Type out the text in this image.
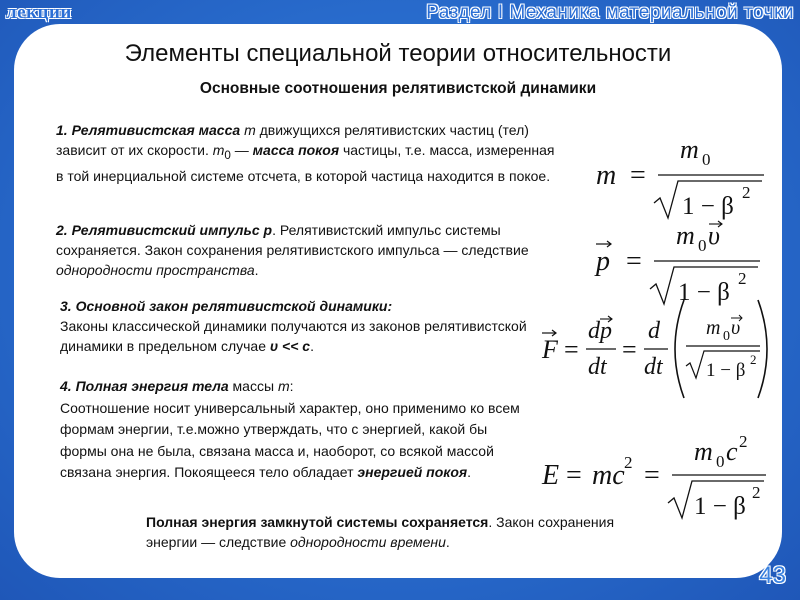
лекции	Раздел I Механика материальной точки
Элементы специальной теории относительности
Основные соотношения релятивистской динамики
1. Релятивистская масса m движущихся релятивистских частиц (тел) зависит от их скорости. $m_0$ — масса покоя частицы, т.е. масса, измеренная в той инерциальной системе отсчета, в которой частица находится в покое.
2. Релятивистский импульс p. Релятивистский импульс системы сохраняется. Закон сохранения релятивистского импульса — следствие однородности пространства.
3. Основной закон релятивистской динамики:
Законы классической динамики получаются из законов релятивистской динамики в предельном случае υ << c.
4. Полная энергия тела массы m:
Соотношение носит универсальный характер, оно применимо ко всем формам энергии, т.е.можно утверждать, что с энергией, какой бы формы она не была, связана масса и, наоборот, со всякой массой связана энергия. Покоящееся тело обладает энергией покоя.
Полная энергия замкнутой системы сохраняется. Закон сохранения энергии — следствие однородности времени.
m =
m 0
1 − β
2
p =
m 0 υ
1 − β
2
F =
dp
dt
=
d
dt
m 0 υ
1 − β
2
E = mc 2 =
m 0 c 2
1 − β
2
43
